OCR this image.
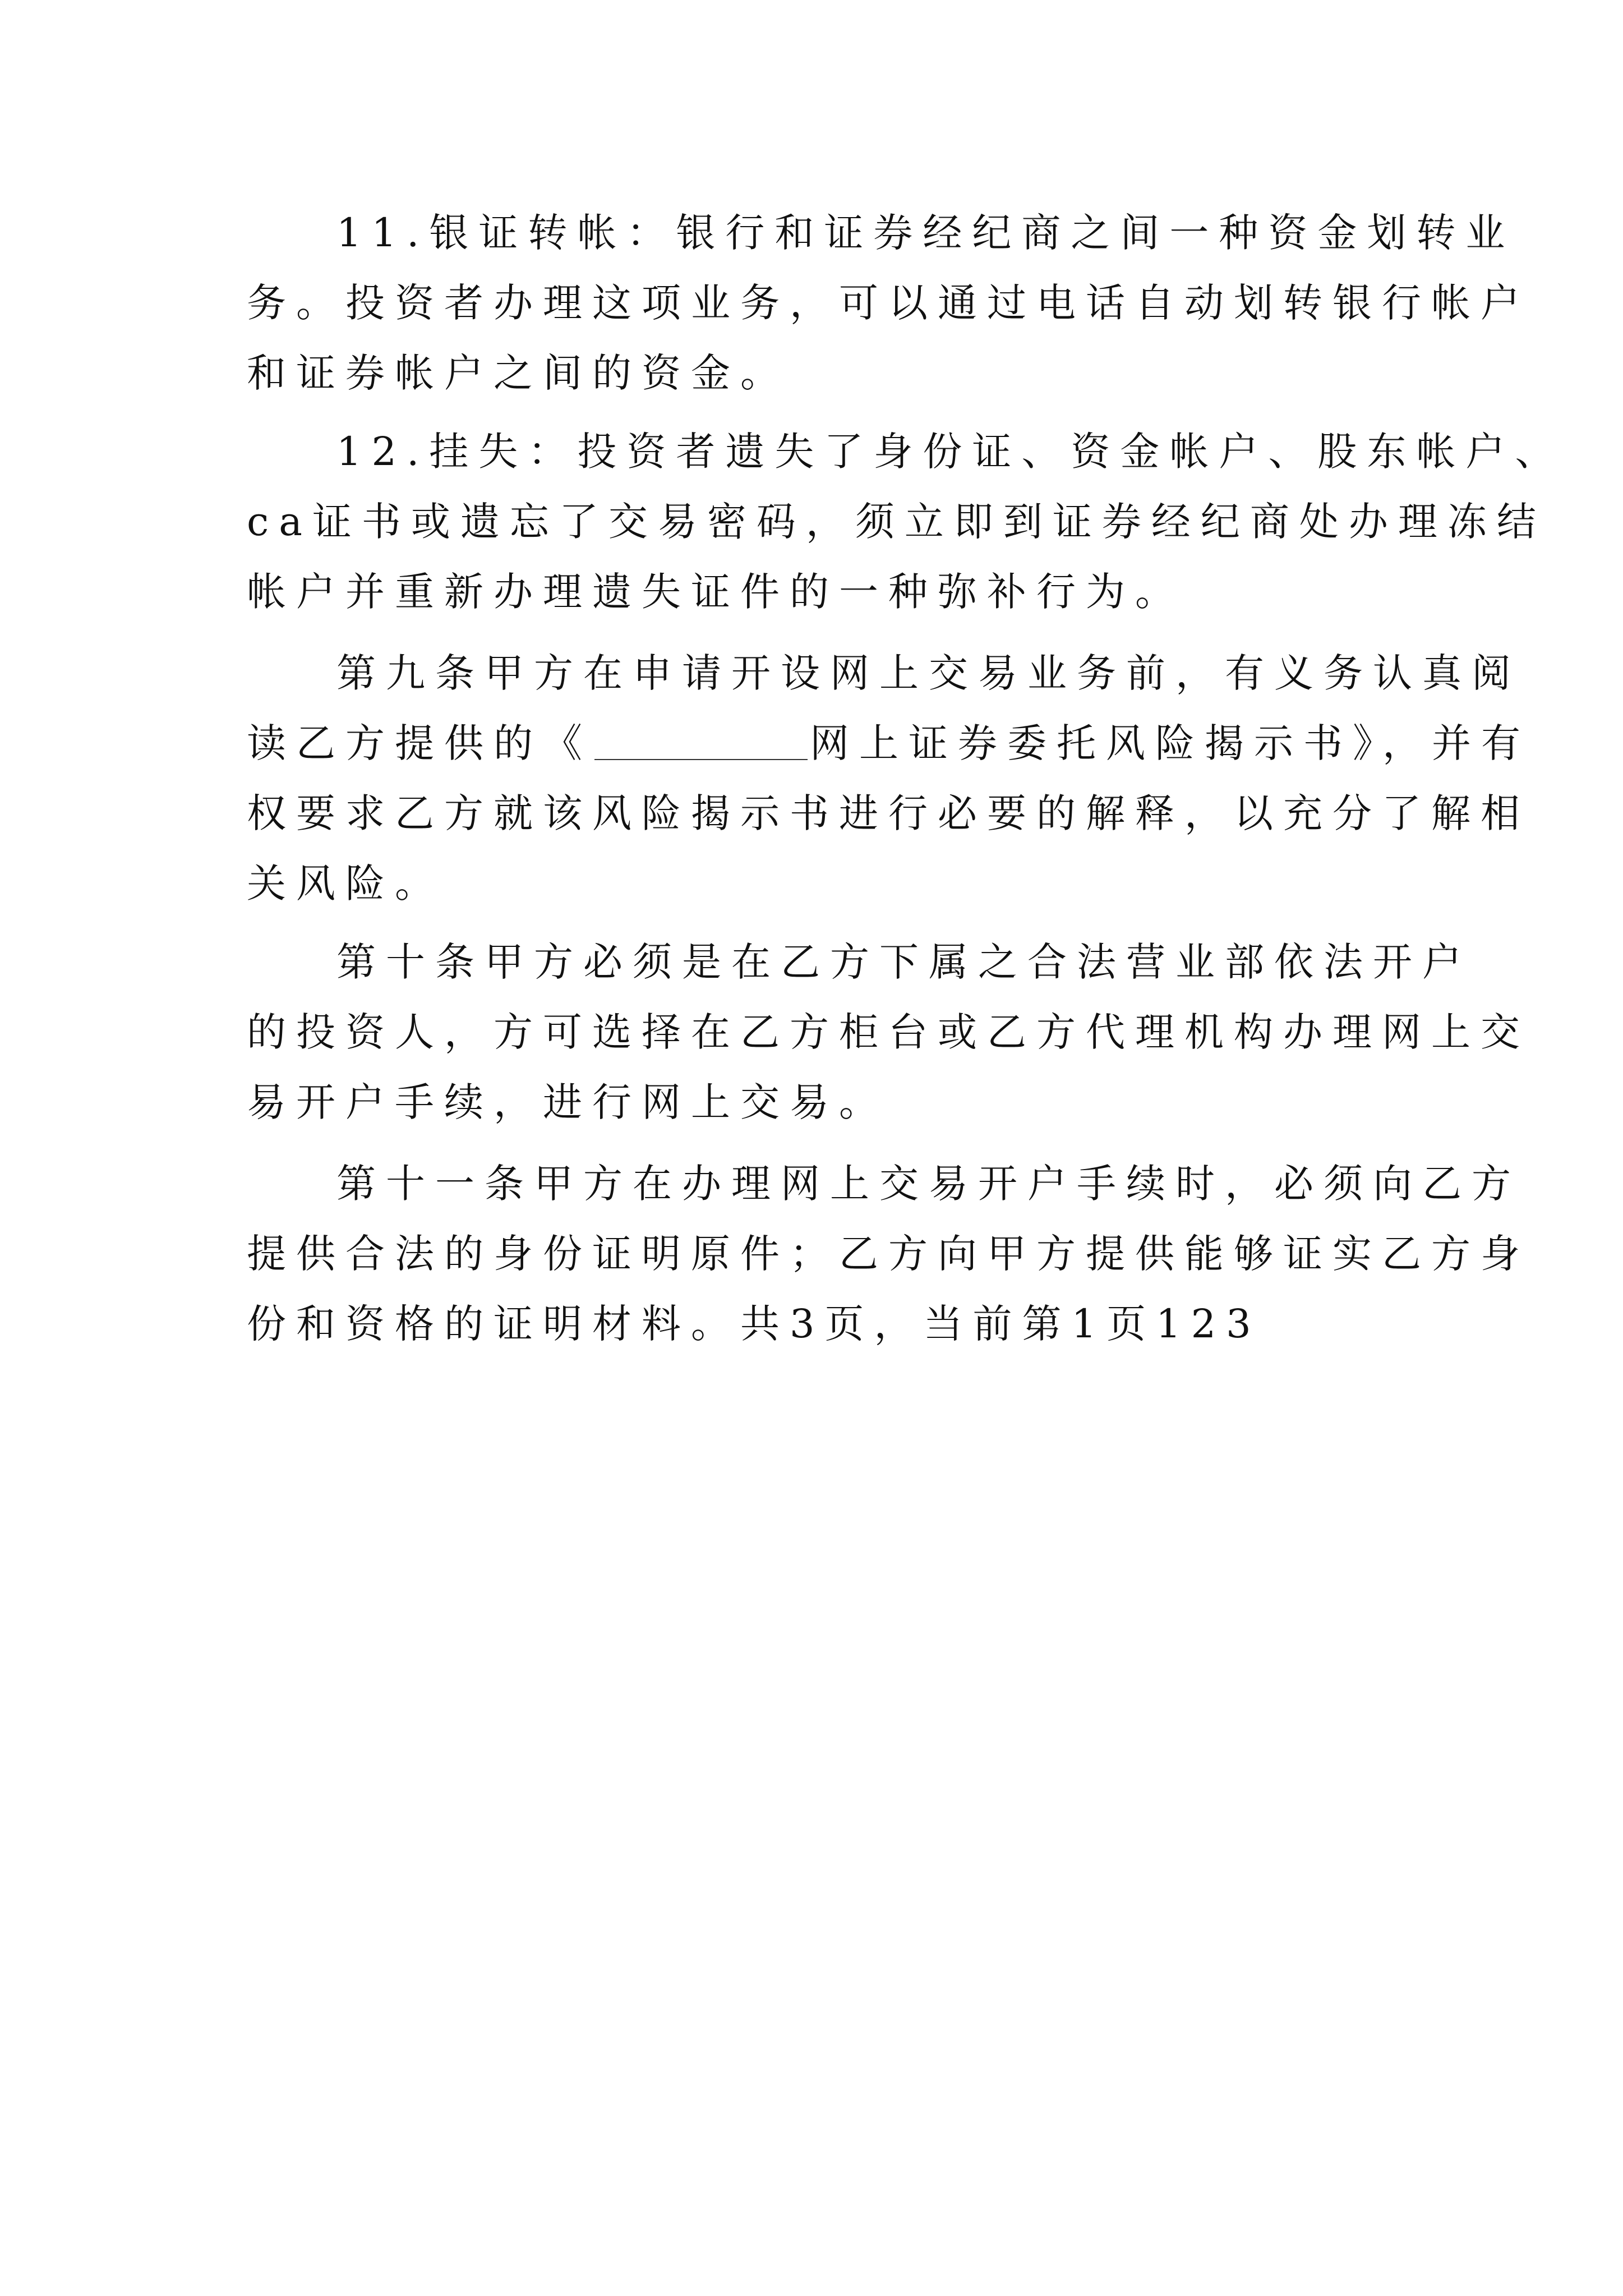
11.银证转帐：银行和证券经纪商之间一种资金划转业
务。投资者办理这项业务，可以通过电话自动划转银行帐户
和证券帐户之间的资金。
12.挂失：投资者遗失了身份证、资金帐户、股东帐户、
ca证书或遗忘了交易密码，须立即到证券经纪商处办理冻结
帐户并重新办理遗失证件的一种弥补行为。
第九条甲方在申请开设网上交易业务前，有义务认真阅
读乙方提供的《	网上证券委托风险揭示书》，并有
权要求乙方就该风险揭示书进行必要的解释，以充分了解相
关风险。
第十条甲方必须是在乙方下属之合法营业部依法开户
的投资人，方可选择在乙方柜台或乙方代理机构办理网上交
易开户手续，进行网上交易。
第十一条甲方在办理网上交易开户手续时，必须向乙方
提供合法的身份证明原件；乙方向甲方提供能够证实乙方身
份和资格的证明材料。共3页，当前第1页123
